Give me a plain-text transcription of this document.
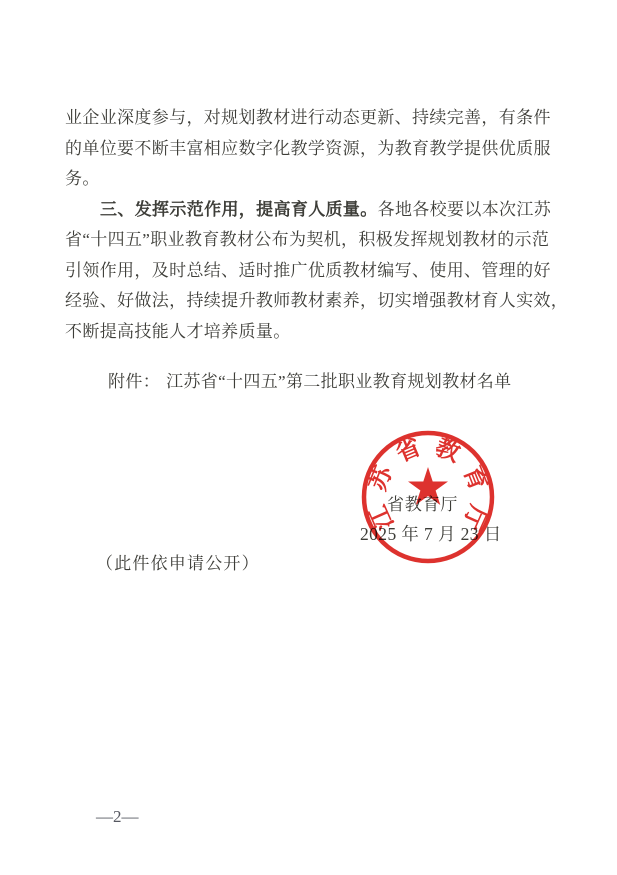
业企业深度参与，对规划教材进行动态更新、持续完善，有条件
的单位要不断丰富相应数字化教学资源，为教育教学提供优质服
务。
三、发挥示范作用，提高育人质量。各地各校要以本次江苏
省“十四五”职业教育教材公布为契机，积极发挥规划教材的示范
引领作用，及时总结、适时推广优质教材编写、使用、管理的好
经验、好做法，持续提升教师教材素养，切实增强教材育人实效，
不断提高技能人才培养质量。
附件： 江苏省“十四五”第二批职业教育规划教材名单
省教育厅
2025 年 7 月 23 日
（此件依申请公开）
—2—
江
苏
省 教
育
厅
